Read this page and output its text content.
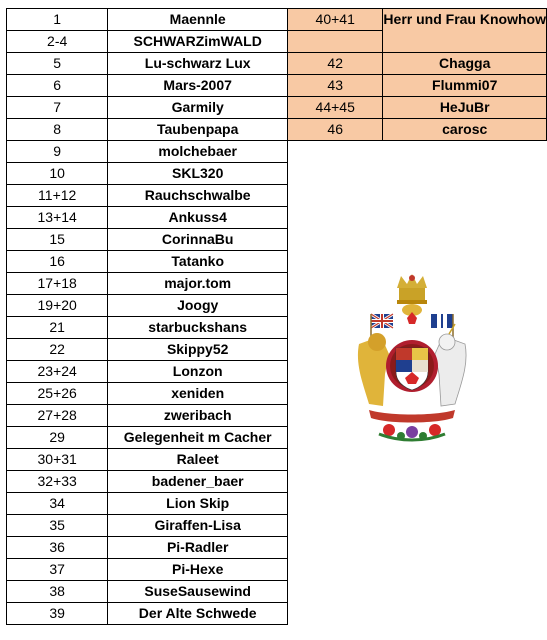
1	Maennle	40+41	Herr und Frau Knowhow
2-4	SCHWARZimWALD		
5	Lu-schwarz Lux	42	Chagga
6	Mars-2007	43	Flummi07
7	Garmily	44+45	HeJuBr
8	Taubenpapa	46	carosc
9	molchebaer		
10	SKL320		
11+12	Rauchschwalbe		
13+14	Ankuss4		
15	CorinnaBu		
16	Tatanko		
17+18	major.tom		
19+20	Joogy		
21	starbuckshans		
22	Skippy52		
23+24	Lonzon		
25+26	xeniden		
27+28	zweribach		
29	Gelegenheit m Cacher		
30+31	Raleet		
32+33	badener_baer		
34	Lion Skip		
35	Giraffen-Lisa		
36	Pi-Radler		
37	Pi-Hexe		
38	SuseSausewind		
39	Der Alte Schwede		
